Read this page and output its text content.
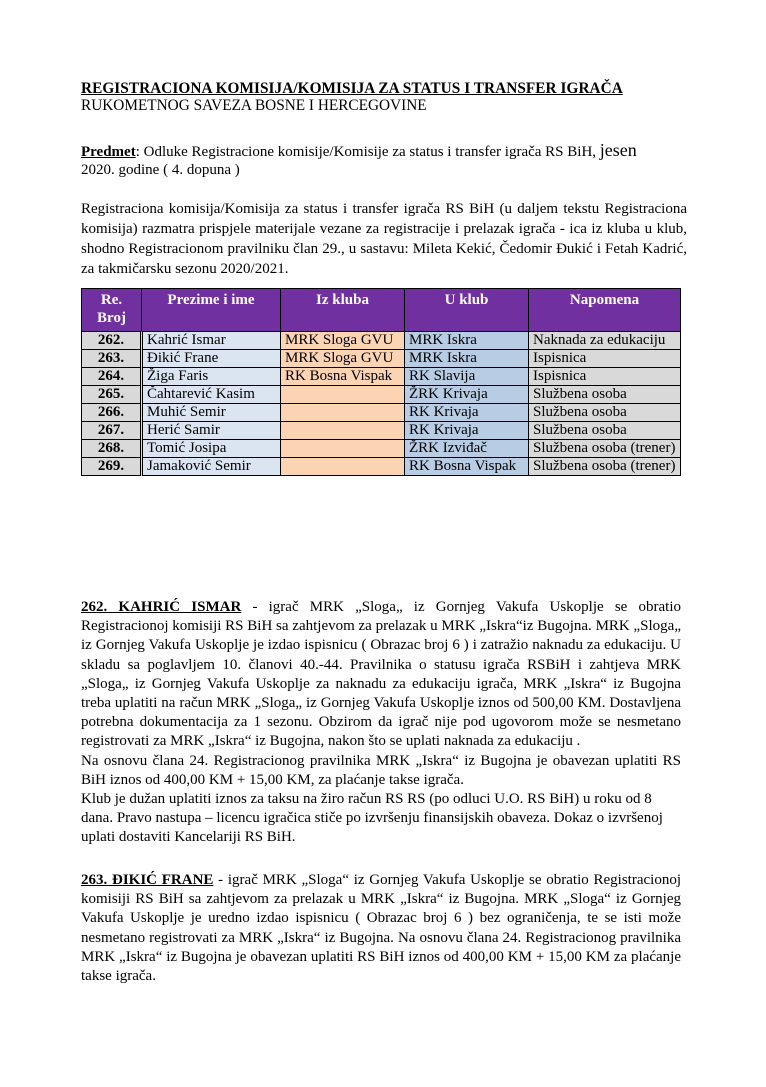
REGISTRACIONA KOMISIJA/KOMISIJA ZA STATUS I TRANSFER IGRAČA
RUKOMETNOG SAVEZA BOSNE I HERCEGOVINE
Predmet: Odluke Registracione komisije/Komisije za status i transfer igrača RS BiH, jesen
2020. godine ( 4. dopuna )
Registraciona komisija/Komisija za status i transfer igrača RS BiH (u daljem tekstu Registraciona komisija) razmatra prispjele materijale vezane za registracije i prelazak igrača - ica iz kluba u klub, shodno Registracionom pravilniku član 29., u sastavu: Mileta Kekić, Čedomir Đukić i Fetah Kadrić, za takmičarsku sezonu 2020/2021.
Re. Broj	Prezime i ime	Iz kluba	U klub	Napomena
262.	Kahrić Ismar	MRK Sloga GVU	MRK Iskra	Naknada za edukaciju
263.	Đikić Frane	MRK Sloga GVU	MRK Iskra	Ispisnica
264.	Žiga Faris	RK Bosna Vispak	RK Slavija	Ispisnica
265.	Čahtarević Kasim		ŽRK Krivaja	Službena osoba
266.	Muhić Semir		RK Krivaja	Službena osoba
267.	Herić Samir		RK Krivaja	Službena osoba
268.	Tomić Josipa		ŽRK Izviđač	Službena osoba (trener)
269.	Jamaković Semir		RK Bosna Vispak	Službena osoba (trener)

262. KAHRIĆ ISMAR - igrač MRK „Sloga„ iz Gornjeg Vakufa Uskoplje se obratio Registracionoj komisiji RS BiH sa zahtjevom za prelazak u MRK „Iskra“iz Bugojna. MRK „Sloga„ iz Gornjeg Vakufa Uskoplje je izdao ispisnicu ( Obrazac broj 6 ) i zatražio naknadu za edukaciju. U skladu sa poglavljem 10. članovi 40.-44. Pravilnika o statusu igrača RSBiH i zahtjeva MRK „Sloga„ iz Gornjeg Vakufa Uskoplje za naknadu za edukaciju igrača, MRK „Iskra“ iz Bugojna treba uplatiti na račun MRK „Sloga„ iz Gornjeg Vakufa Uskoplje iznos od 500,00 KM. Dostavljena potrebna dokumentacija za 1 sezonu. Obzirom da igrač nije pod ugovorom može se nesmetano registrovati za MRK „Iskra“ iz Bugojna, nakon što se uplati naknada za edukaciju .

Na osnovu člana 24. Registracionog pravilnika MRK „Iskra“ iz Bugojna je obavezan uplatiti RS BiH iznos od 400,00 KM + 15,00 KM, za plaćanje takse igrača.

Klub je dužan uplatiti iznos za taksu na žiro račun RS RS (po odluci U.O. RS BiH) u roku od 8 dana. Pravo nastupa – licencu igračica stiče po izvršenju finansijskih obaveza. Dokaz o izvršenoj uplati dostaviti Kancelariji RS BiH.

263. ĐIKIĆ FRANE - igrač MRK „Sloga“ iz Gornjeg Vakufa Uskoplje se obratio Registracionoj komisiji RS BiH sa zahtjevom za prelazak u MRK „Iskra“ iz Bugojna. MRK „Sloga“ iz Gornjeg Vakufa Uskoplje je uredno izdao ispisnicu ( Obrazac broj 6 ) bez ograničenja, te se isti može nesmetano registrovati za MRK „Iskra“ iz Bugojna. Na osnovu člana 24. Registracionog pravilnika MRK „Iskra“ iz Bugojna je obavezan uplatiti RS BiH iznos od 400,00 KM + 15,00 KM za plaćanje takse igrača.
